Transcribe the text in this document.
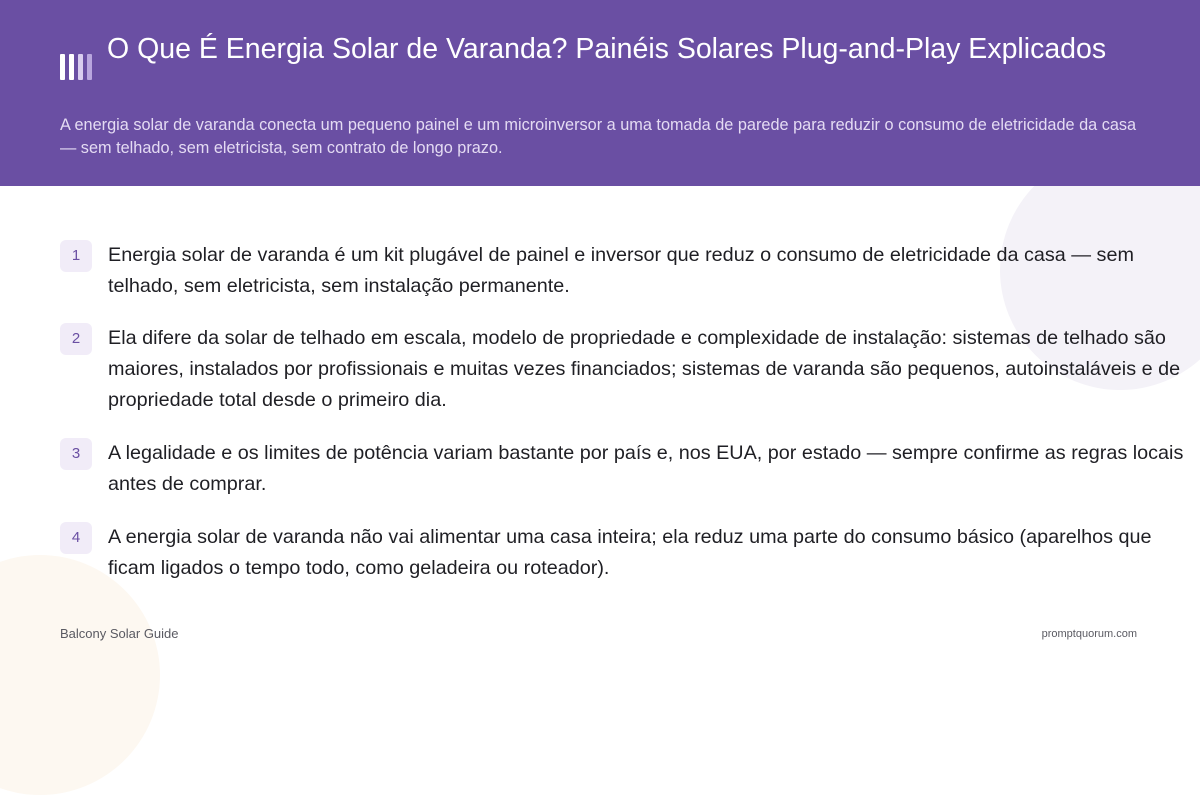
O Que É Energia Solar de Varanda? Painéis Solares Plug-and-Play Explicados

A energia solar de varanda conecta um pequeno painel e um microinversor a uma tomada de parede para reduzir o consumo de eletricidade da casa — sem telhado, sem eletricista, sem contrato de longo prazo.

1	Energia solar de varanda é um kit plugável de painel e inversor que reduz o consumo de eletricidade da casa — sem telhado, sem eletricista, sem instalação permanente.

2	Ela difere da solar de telhado em escala, modelo de propriedade e complexidade de instalação: sistemas de telhado são maiores, instalados por profissionais e muitas vezes financiados; sistemas de varanda são pequenos, autoinstaláveis e de propriedade total desde o primeiro dia.

3	A legalidade e os limites de potência variam bastante por país e, nos EUA, por estado — sempre confirme as regras locais antes de comprar.

4	A energia solar de varanda não vai alimentar uma casa inteira; ela reduz uma parte do consumo básico (aparelhos que ficam ligados o tempo todo, como geladeira ou roteador).

Balcony Solar Guide	promptquorum.com
